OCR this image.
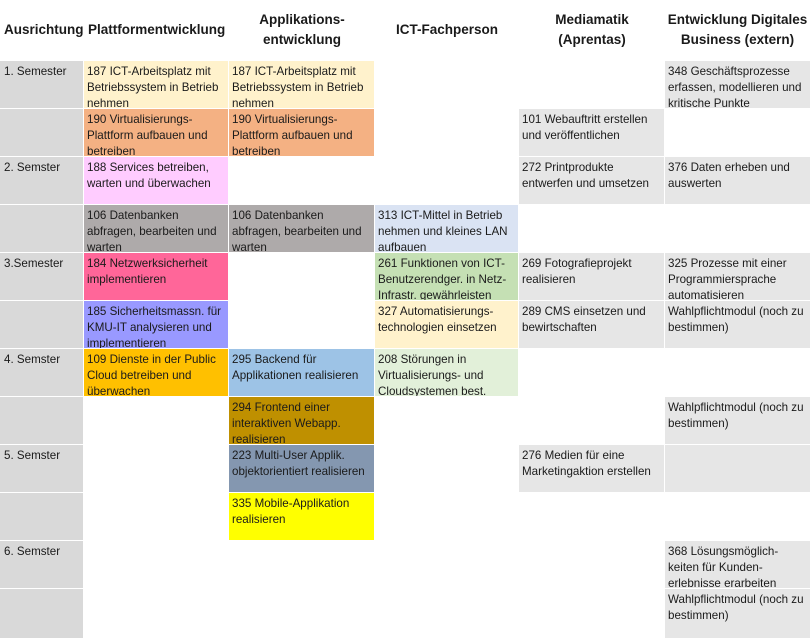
Ausrichtung Plattformentwicklung
Applikations-
entwicklung
ICT-Fachperson
Mediamatik
(Aprentas)
Entwicklung Digitales
Business (extern)
1. Semester
2. Semster
3.Semester
4. Semster
5. Semster
6. Semster
187 ICT-Arbeitsplatz mit Betriebssystem in Betrieb nehmen
187 ICT-Arbeitsplatz mit Betriebssystem in Betrieb nehmen
348 Geschäftsprozesse erfassen, modellieren und kritische Punkte
190 Virtualisierungs-Plattform aufbauen und betreiben
190 Virtualisierungs-Plattform aufbauen und betreiben
101 Webauftritt erstellen und veröffentlichen
188 Services betreiben, warten und überwachen
272 Printprodukte entwerfen und umsetzen
376 Daten erheben und auswerten
106 Datenbanken abfragen, bearbeiten und warten
106 Datenbanken abfragen, bearbeiten und warten
313 ICT-Mittel in Betrieb nehmen und kleines LAN aufbauen
184 Netzwerksicherheit implementieren
261 Funktionen von ICT-Benutzerendger. in Netz-Infrastr. gewährleisten
269 Fotografieprojekt realisieren
325 Prozesse mit einer Programmiersprache automatisieren
185 Sicherheitsmassn. für KMU-IT analysieren und implementieren
327 Automatisierungs-technologien einsetzen
289 CMS einsetzen und bewirtschaften
Wahlpflichtmodul (noch zu bestimmen)
109 Dienste in der Public Cloud betreiben und überwachen
295 Backend für Applikationen realisieren
208 Störungen in Virtualisierungs- und Cloudsystemen best.
294 Frontend einer interaktiven Webapp. realisieren
Wahlpflichtmodul (noch zu bestimmen)
223 Multi-User Applik. objektorientiert realisieren
276 Medien für eine Marketingaktion erstellen
335 Mobile-Applikation realisieren
368 Lösungsmöglich-keiten für Kunden-erlebnisse erarbeiten
Wahlpflichtmodul (noch zu bestimmen)
